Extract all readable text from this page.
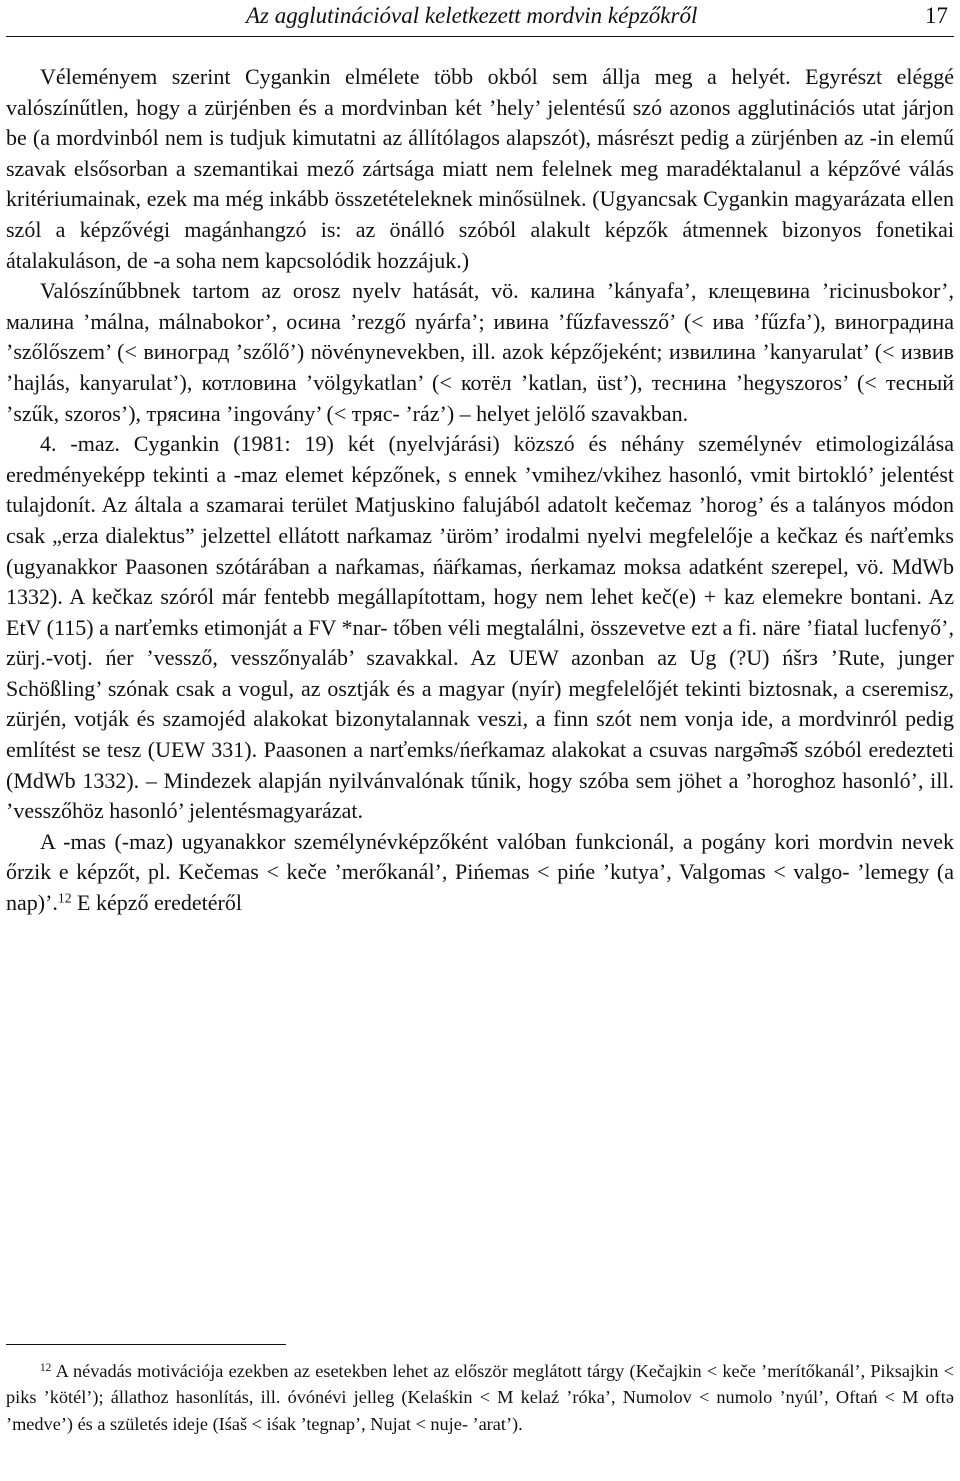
Az agglutinációval keletkezett mordvin képzőkről	17

Véleményem szerint Cygankin elmélete több okból sem állja meg a helyét. Egyrészt eléggé valószínűtlen, hogy a zürjénben és a mordvinban két ’hely’ jelentésű szó azonos agglutinációs utat járjon be (a mordvinból nem is tudjuk kimutatni az állítólagos alapszót), másrészt pedig a zürjénben az -in elemű szavak elsősorban a szemantikai mező zártsága miatt nem felelnek meg maradéktalanul a képzővé válás kritériumainak, ezek ma még inkább összetételeknek minősülnek. (Ugyancsak Cygankin magyarázata ellen szól a képzővégi magánhangzó is: az önálló szóból alakult képzők átmennek bizonyos fonetikai átalakuláson, de -a soha nem kapcsolódik hozzájuk.)

Valószínűbbnek tartom az orosz nyelv hatását, vö. калина ’kányafa’, клещевина ’ricinusbokor’, малина ’málna, málnabokor’, осина ’rezgő nyárfa’; ивина ’fűzfavessző’ (< ива ’fűzfa’), виноградина ’szőlőszem’ (< виноград ’szőlő’) növénynevekben, ill. azok képzőjeként; извилина ’kanyarulat’ (< извив ’hajlás, kanyarulat’), котловина ’völgykatlan’ (< котёл ’katlan, üst’), теснина ’hegyszoros’ (< тесный ’szűk, szoros’), трясина ’ingovány’ (< тряс- ’ráz’) – helyet jelölő szavakban.

4. -maz. Cygankin (1981: 19) két (nyelvjárási) közszó és néhány személynév etimologizálása eredményeképp tekinti a -maz elemet képzőnek, s ennek ’vmihez/vkihez hasonló, vmit birtokló’ jelentést tulajdonít. Az általa a szamarai terület Matjuskino falujából adatolt kečemaz ’horog’ és a talányos módon csak „erza dialektus” jelzettel ellátott naŕkamaz ’üröm’ irodalmi nyelvi megfelelője a kečkaz és naŕťemks (ugyanakkor Paasonen szótárában a naŕkamas, ńäŕkamas, ńerkamaz moksa adatként szerepel, vö. MdWb 1332). A kečkaz szóról már fentebb megállapítottam, hogy nem lehet keč(e) + kaz elemekre bontani. Az EtV (115) a narťemks etimonját a FV *nar- tőben véli megtalálni, összevetve ezt a fi. näre ’fiatal lucfenyő’, zürj.-votj. ńer ’vessző, vesszőnyaláb’ szavakkal. Az UEW azonban az Ug (?U) ńšrз ’Rute, junger Schößling’ szónak csak a vogul, az osztják és a magyar (nyír) megfelelőjét tekinti biztosnak, a cseremisz, zürjén, votják és szamojéd alakokat bizonytalannak veszi, a finn szót nem vonja ide, a mordvinról pedig említést se tesz (UEW 331). Paasonen a narťemks/ńeŕkamaz alakokat a csuvas nargə̑mə̑š szóból eredezteti (MdWb 1332). – Mindezek alapján nyilvánvalónak tűnik, hogy szóba sem jöhet a ’horoghoz hasonló’, ill. ’vesszőhöz hasonló’ jelentésmagyarázat.

A -mas (-maz) ugyanakkor személynévképzőként valóban funkcionál, a pogány kori mordvin nevek őrzik e képzőt, pl. Kečemas < keče ’merőkanál’, Pińemas < pińe ’kutya’, Valgomas < valgo- ’lemegy (a nap)’.$^{12}$ E képző eredetéről

$^{12}$ A névadás motivációja ezekben az esetekben lehet az először meglátott tárgy (Kečajkin < keče ’merítőkanál’, Piksajkin < piks ’kötél’); állathoz hasonlítás, ill. óvónévi jelleg (Kelaśkin < M kelaź ’róka’, Numolov < numolo ’nyúl’, Oftań < M oftə ’medve’) és a születés ideje (Iśaš < iśak ’tegnap’, Nujat < nuje- ’arat’).
